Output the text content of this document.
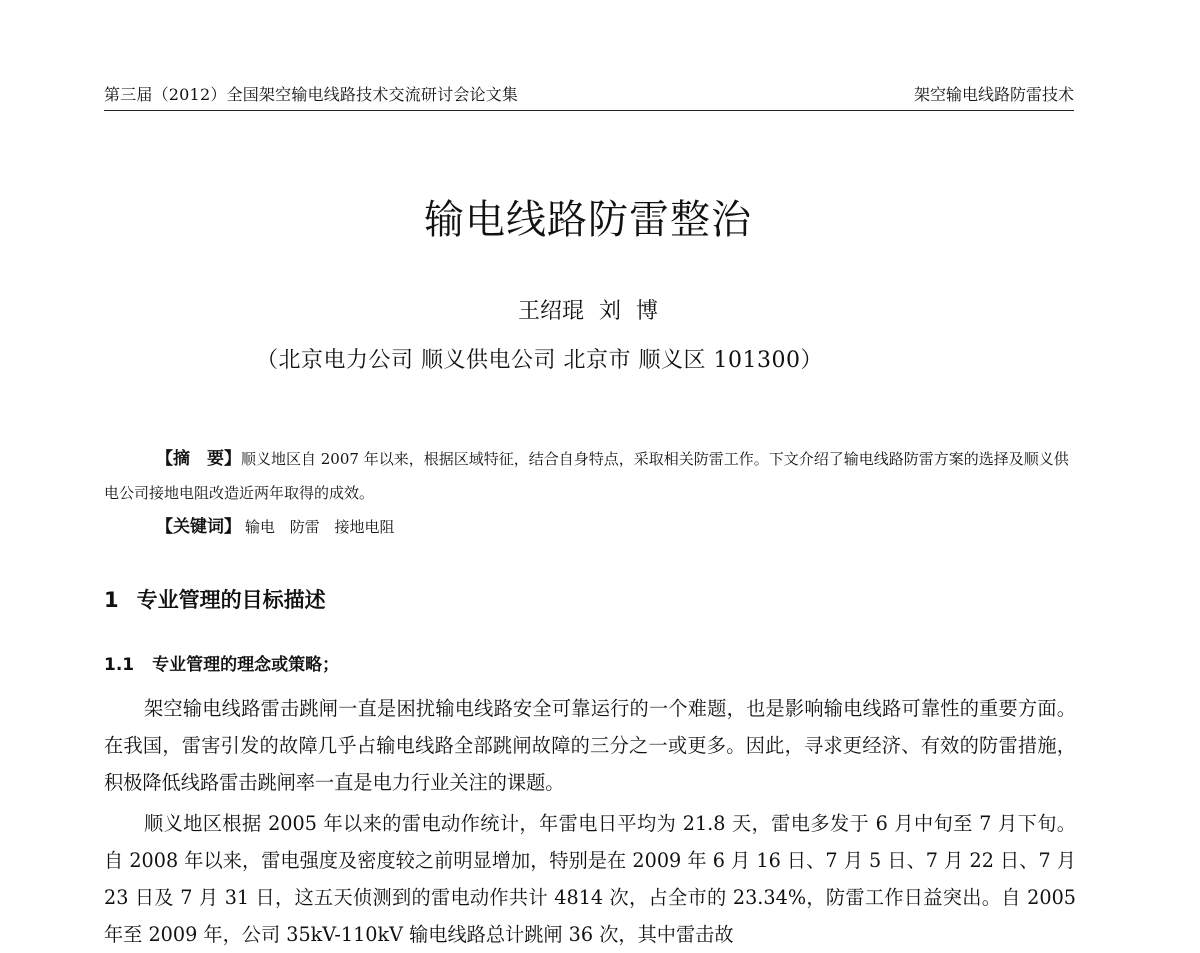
第三届（2012）全国架空输电线路技术交流研讨会论文集	架空输电线路防雷技术
输电线路防雷整治
王绍琨 刘 博
（北京电力公司 顺义供电公司 北京市 顺义区 101300）

【摘　要】顺义地区自 2007 年以来，根据区域特征，结合自身特点，采取相关防雷工作。下文介绍了输电线路防雷方案的选择及顺义供电公司接地电阻改造近两年取得的成效。

【关键词】 输电 防雷 接地电阻
1 专业管理的目标描述
1.1 专业管理的理念或策略；

架空输电线路雷击跳闸一直是困扰输电线路安全可靠运行的一个难题，也是影响输电线路可靠性的重要方面。在我国，雷害引发的故障几乎占输电线路全部跳闸故障的三分之一或更多。因此，寻求更经济、有效的防雷措施，积极降低线路雷击跳闸率一直是电力行业关注的课题。

顺义地区根据 2005 年以来的雷电动作统计，年雷电日平均为 21.8 天，雷电多发于 6 月中旬至 7 月下旬。自 2008 年以来，雷电强度及密度较之前明显增加，特别是在 2009 年 6 月 16 日、7 月 5 日、7 月 22 日、7 月 23 日及 7 月 31 日，这五天侦测到的雷电动作共计 4814 次，占全市的 23.34%，防雷工作日益突出。自 2005 年至 2009 年，公司 35kV-110kV 输电线路总计跳闸 36 次，其中雷击故
